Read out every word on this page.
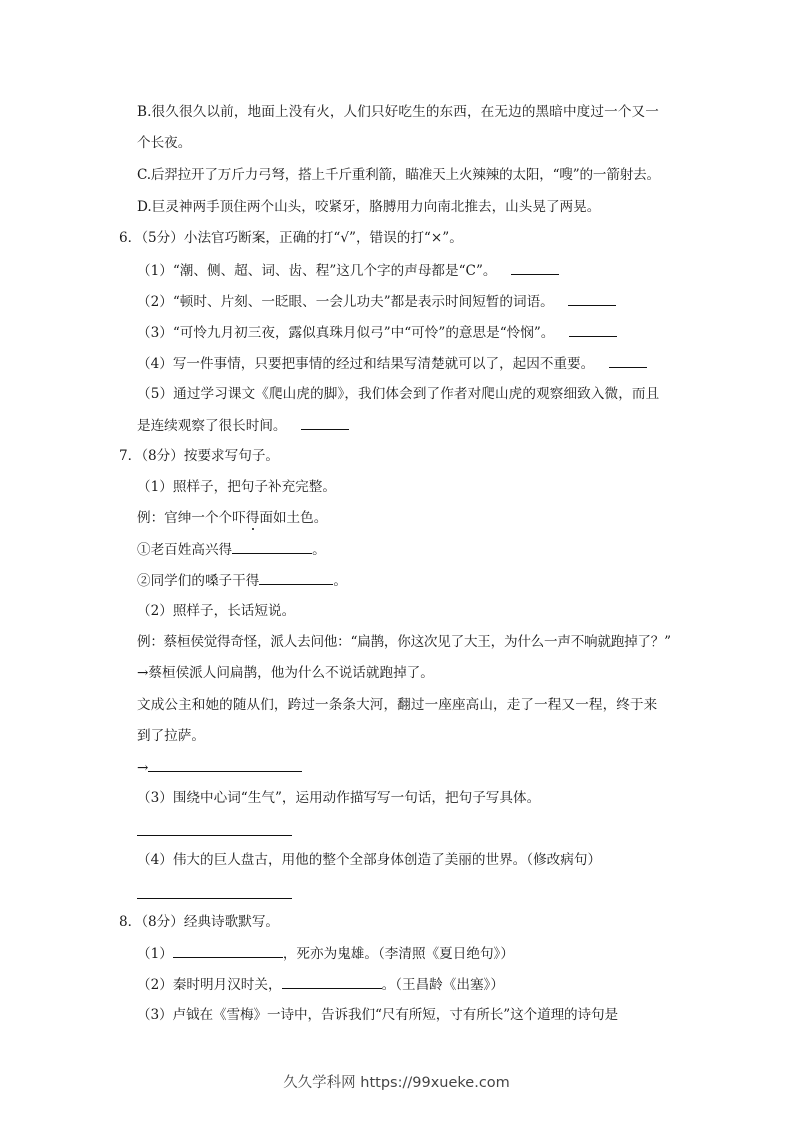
B.很久很久以前，地面上没有火，人们只好吃生的东西，在无边的黑暗中度过一个又一
个长夜。
C.后羿拉开了万斤力弓弩，搭上千斤重利箭，瞄准天上火辣辣的太阳，“嗖”的一箭射去。
D.巨灵神两手顶住两个山头，咬紧牙，胳膊用力向南北推去，山头晃了两晃。
6．（5分）小法官巧断案，正确的打“√”，错误的打“×”。
（1）“潮、侧、超、词、齿、程”这几个字的声母都是“C”。
（2）“顿时、片刻、一眨眼、一会儿功夫”都是表示时间短暂的词语。
（3）“可怜九月初三夜，露似真珠月似弓”中“可怜”的意思是“怜悯”。
（4）写一件事情，只要把事情的经过和结果写清楚就可以了，起因不重要。
（5）通过学习课文《爬山虎的脚》，我们体会到了作者对爬山虎的观察细致入微，而且
是连续观察了很长时间。
7．（8分）按要求写句子。
（1）照样子，把句子补充完整。
例：官绅一个个吓得面如土色。
①老百姓高兴得	。
②同学们的嗓子干得	。
（2）照样子，长话短说。
例：蔡桓侯觉得奇怪，派人去问他：“扁鹊，你这次见了大王，为什么一声不响就跑掉了？”
→蔡桓侯派人问扁鹊，他为什么不说话就跑掉了。
文成公主和她的随从们，跨过一条条大河，翻过一座座高山，走了一程又一程，终于来
到了拉萨。
→
（3）围绕中心词“生气”，运用动作描写写一句话，把句子写具体。
（4）伟大的巨人盘古，用他的整个全部身体创造了美丽的世界。（修改病句）
8．（8分）经典诗歌默写。
（1）	，死亦为鬼雄。（李清照《夏日绝句》）
（2）秦时明月汉时关，	。（王昌龄《出塞》）
（3）卢钺在《雪梅》一诗中，告诉我们“尺有所短，寸有所长”这个道理的诗句是
久久学科网 https://99xueke.com
